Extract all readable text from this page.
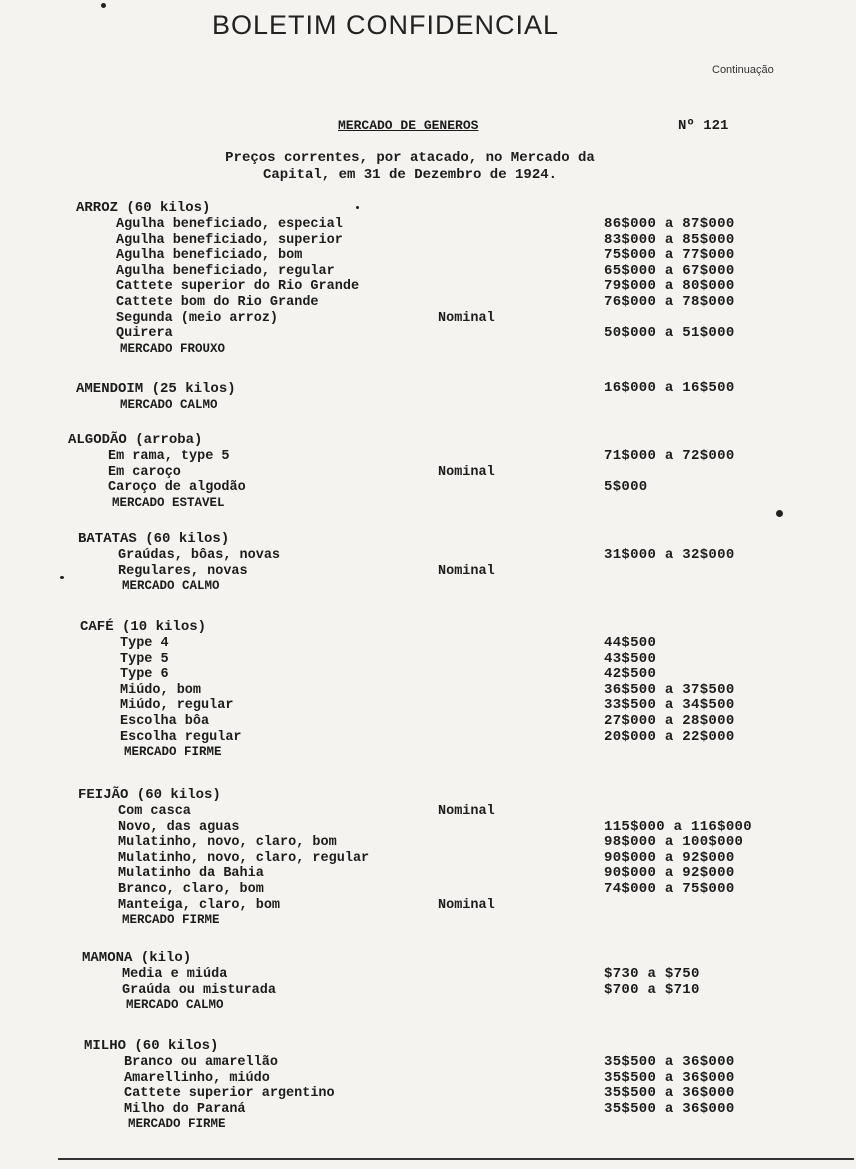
BOLETIM CONFIDENCIAL
Continuação
MERCADO DE GENEROS	Nº 121
Preços correntes, por atacado, no Mercado da
Capital, em 31 de Dezembro de 1924.
ARROZ (60 kilos)
Agulha beneficiado, especial	86$000 a 87$000
Agulha beneficiado, superior	83$000 a 85$000
Agulha beneficiado, bom	75$000 a 77$000
Agulha beneficiado, regular	65$000 a 67$000
Cattete superior do Rio Grande	79$000 a 80$000
Cattete bom do Rio Grande	76$000 a 78$000
Segunda (meio arroz)	Nominal
Quirera	50$000 a 51$000
MERCADO FROUXO
AMENDOIM (25 kilos)	16$000 a 16$500
MERCADO CALMO
ALGODÃO (arroba)
Em rama, type 5	71$000 a 72$000
Em caroço	Nominal
Caroço de algodão	5$000
MERCADO ESTAVEL
BATATAS (60 kilos)
Graúdas, bôas, novas	31$000 a 32$000
Regulares, novas	Nominal
MERCADO CALMO
CAFÉ (10 kilos)
Type 4	44$500
Type 5	43$500
Type 6	42$500
Miúdo, bom	36$500 a 37$500
Miúdo, regular	33$500 a 34$500
Escolha bôa	27$000 a 28$000
Escolha regular	20$000 a 22$000
MERCADO FIRME
FEIJÃO (60 kilos)
Com casca	Nominal
Novo, das aguas	115$000 a 116$000
Mulatinho, novo, claro, bom	98$000 a 100$000
Mulatinho, novo, claro, regular	90$000 a 92$000
Mulatinho da Bahia	90$000 a 92$000
Branco, claro, bom	74$000 a 75$000
Manteiga, claro, bom	Nominal
MERCADO FIRME
MAMONA (kilo)
Media e miúda	$730 a $750
Graúda ou misturada	$700 a $710
MERCADO CALMO
MILHO (60 kilos)
Branco ou amarellão	35$500 a 36$000
Amarellinho, miúdo	35$500 a 36$000
Cattete superior argentino	35$500 a 36$000
Milho do Paraná	35$500 a 36$000
MERCADO FIRME
